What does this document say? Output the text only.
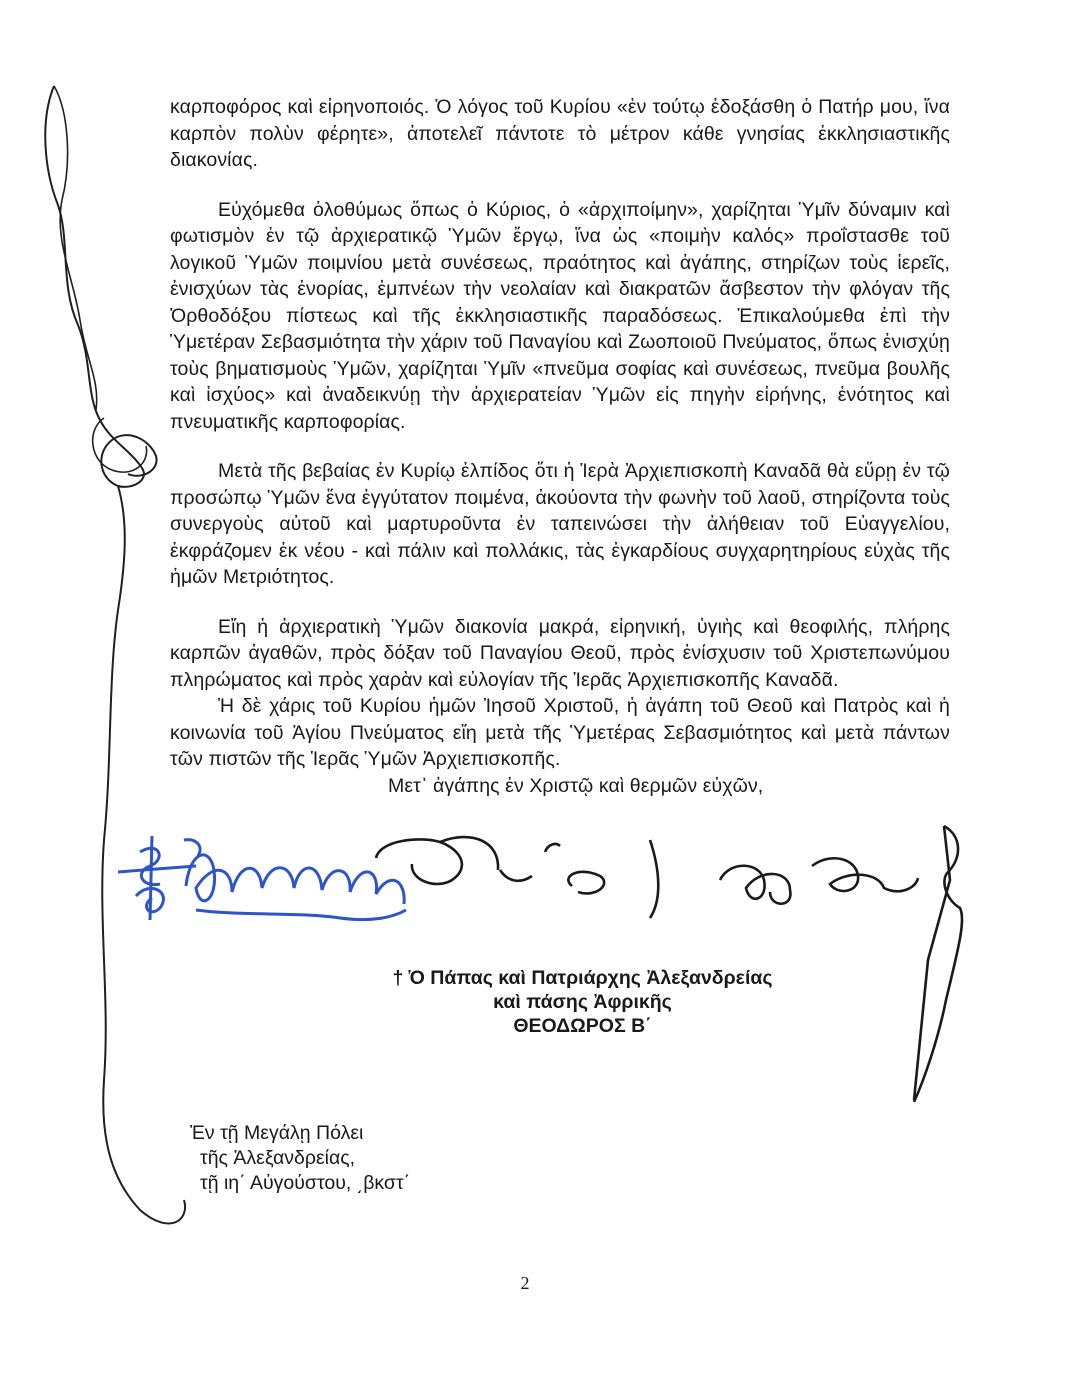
καρποφόρος καὶ εἰρηνοποιός. Ὁ λόγος τοῦ Κυρίου «ἐν τούτῳ ἐδοξάσθη ὁ Πατήρ μου, ἵνα καρπὸν πολὺν φέρητε», ἀποτελεῖ πάντοτε τὸ μέτρον κάθε γνησίας ἐκκλησιαστικῆς διακονίας.

Εὐχόμεθα ὁλοθύμως ὅπως ὁ Κύριος, ὁ «ἀρχιποίμην», χαρίζηται Ὑμῖν δύναμιν καὶ φωτισμὸν ἐν τῷ ἀρχιερατικῷ Ὑμῶν ἔργῳ, ἵνα ὡς «ποιμὴν καλός» προΐστασθε τοῦ λογικοῦ Ὑμῶν ποιμνίου μετὰ συνέσεως, πραότητος καὶ ἀγάπης, στηρίζων τοὺς ἱερεῖς, ἐνισχύων τὰς ἐνορίας, ἐμπνέων τὴν νεολαίαν καὶ διακρατῶν ἄσβεστον τὴν φλόγαν τῆς Ὀρθοδόξου πίστεως καὶ τῆς ἐκκλησιαστικῆς παραδόσεως. Ἐπικαλούμεθα ἐπὶ τὴν Ὑμετέραν Σεβασμιότητα τὴν χάριν τοῦ Παναγίου καὶ Ζωοποιοῦ Πνεύματος, ὅπως ἐνισχύῃ τοὺς βηματισμοὺς Ὑμῶν, χαρίζηται Ὑμῖν «πνεῦμα σοφίας καὶ συνέσεως, πνεῦμα βουλῆς καὶ ἰσχύος» καὶ ἀναδεικνύῃ τὴν ἀρχιερατείαν Ὑμῶν εἰς πηγὴν εἰρήνης, ἑνότητος καὶ πνευματικῆς καρποφορίας.

Μετὰ τῆς βεβαίας ἐν Κυρίῳ ἐλπίδος ὅτι ἡ Ἱερὰ Ἀρχιεπισκοπὴ Καναδᾶ θὰ εὕρῃ ἐν τῷ προσώπῳ Ὑμῶν ἕνα ἐγγύτατον ποιμένα, ἀκούοντα τὴν φωνὴν τοῦ λαοῦ, στηρίζοντα τοὺς συνεργοὺς αὐτοῦ καὶ μαρτυροῦντα ἐν ταπεινώσει τὴν ἀλήθειαν τοῦ Εὐαγγελίου, ἐκφράζομεν ἐκ νέου - καὶ πάλιν καὶ πολλάκις, τὰς ἐγκαρδίους συγχαρητηρίους εὐχὰς τῆς ἡμῶν Μετριότητος.

Εἴη ἡ ἀρχιερατικὴ Ὑμῶν διακονία μακρά, εἰρηνική, ὑγιὴς καὶ θεοφιλής, πλήρης καρπῶν ἀγαθῶν, πρὸς δόξαν τοῦ Παναγίου Θεοῦ, πρὸς ἐνίσχυσιν τοῦ Χριστεπωνύμου πληρώματος καὶ πρὸς χαρὰν καὶ εὐλογίαν τῆς Ἱερᾶς Ἀρχιεπισκοπῆς Καναδᾶ.

Ἡ δὲ χάρις τοῦ Κυρίου ἡμῶν Ἰησοῦ Χριστοῦ, ἡ ἀγάπη τοῦ Θεοῦ καὶ Πατρὸς καὶ ἡ κοινωνία τοῦ Ἁγίου Πνεύματος εἴη μετὰ τῆς Ὑμετέρας Σεβασμιότητος καὶ μετὰ πάντων τῶν πιστῶν τῆς Ἱερᾶς Ὑμῶν Ἀρχιεπισκοπῆς.

Μετ᾽ ἀγάπης ἐν Χριστῷ καὶ θερμῶν εὐχῶν,

† Ὁ Πάπας καὶ Πατριάρχης Ἀλεξανδρείας
καὶ πάσης Ἀφρικῆς
ΘΕΟΔΩΡΟΣ Β΄
Ἐν τῇ Μεγάλῃ Πόλει
τῆς Ἀλεξανδρείας,
τῇ ιη΄ Αὐγούστου, ͵βκστ΄
2
